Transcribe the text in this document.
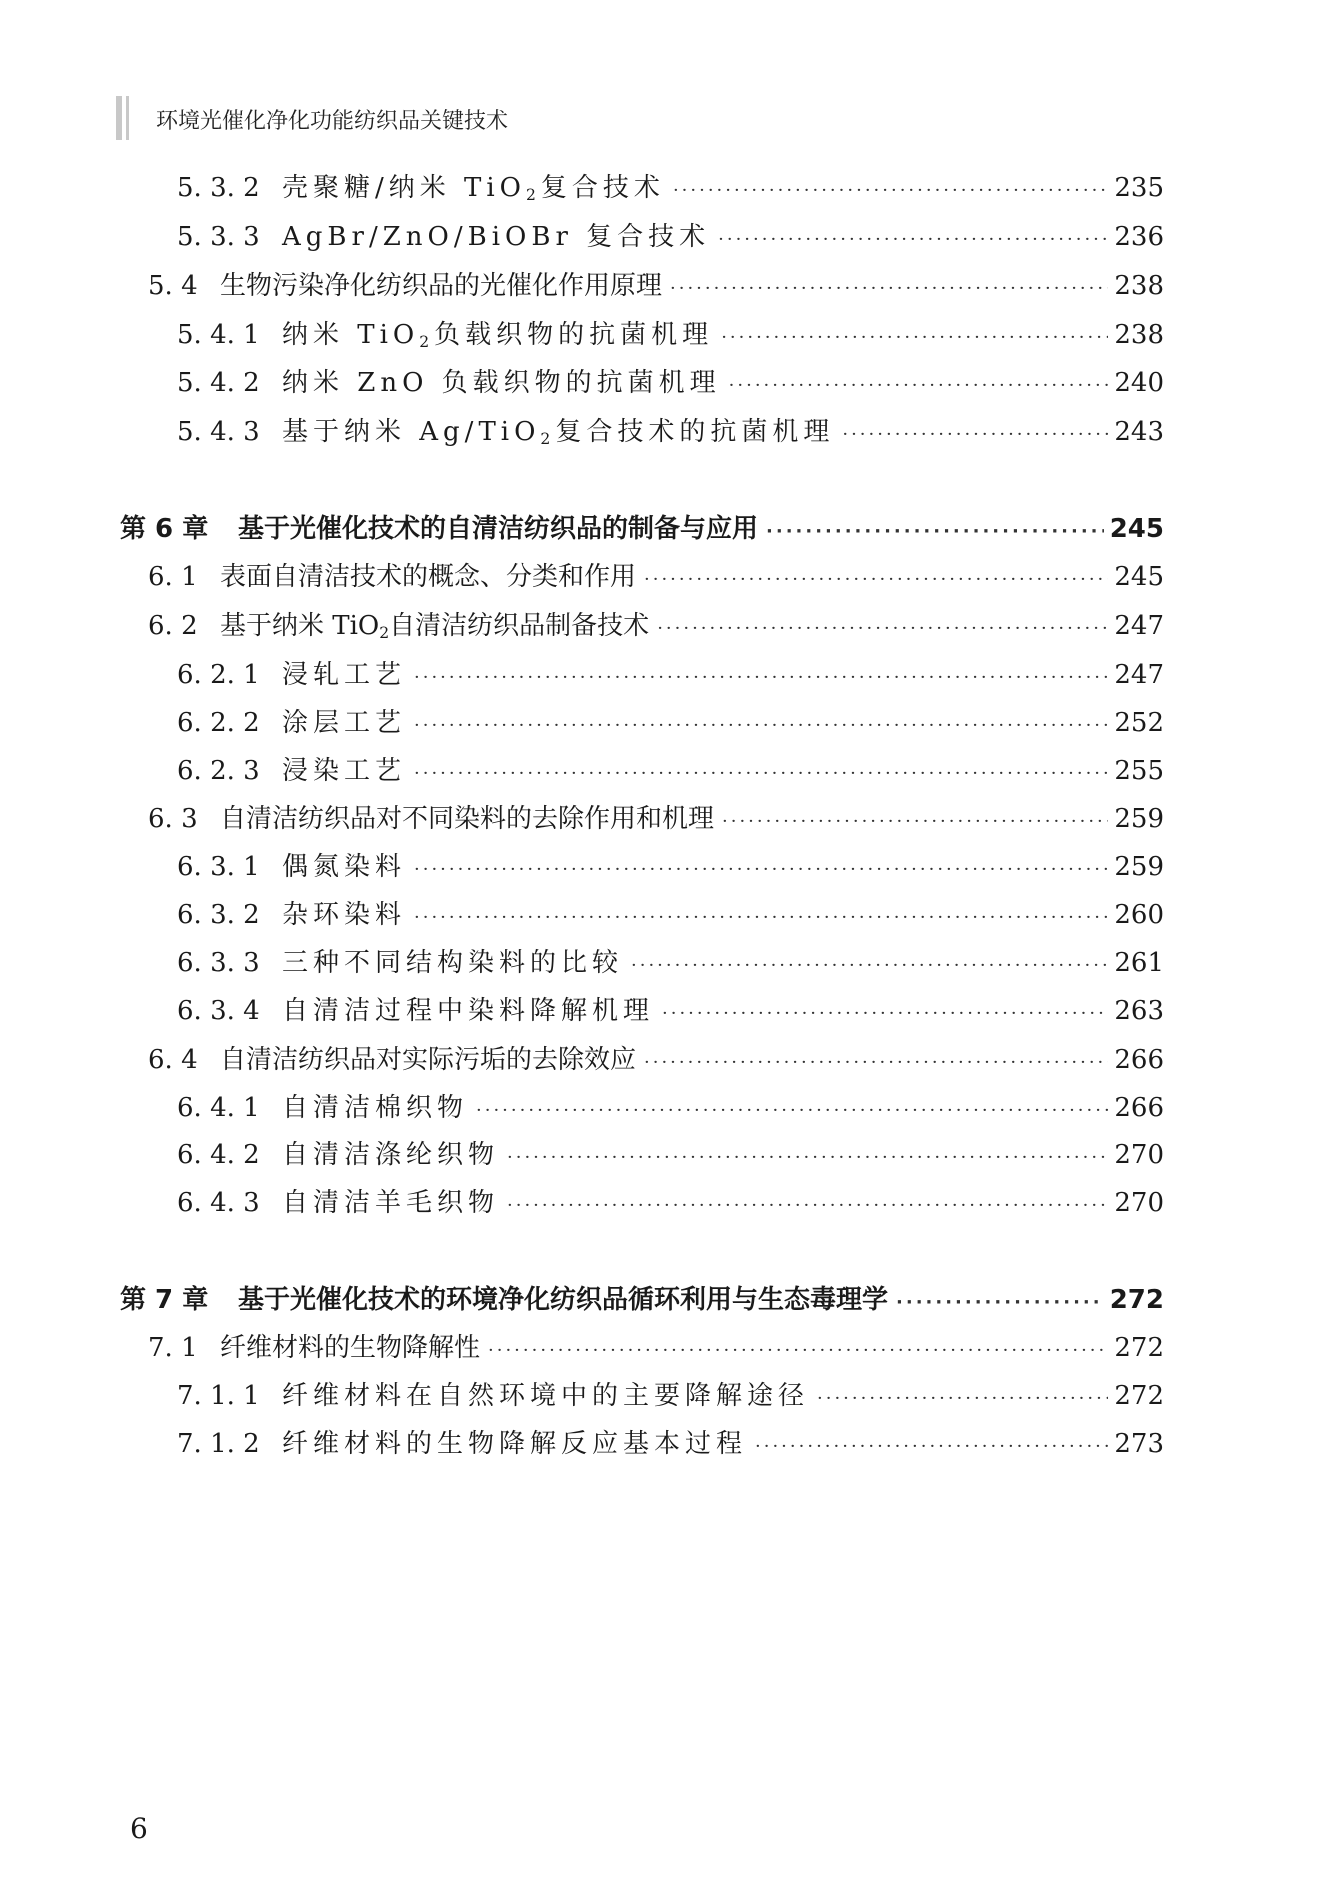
环境光催化净化功能纺织品关键技术
5. 3. 2 壳聚糖/纳米 TiO$_2$复合技术 ·····	235
5. 3. 3 AgBr/ZnO/BiOBr 复合技术 ·····	236
5. 4 生物污染净化纺织品的光催化作用原理 ·····	238
5. 4. 1 纳米 TiO$_2$负载织物的抗菌机理 ·····	238
5. 4. 2 纳米 ZnO 负载织物的抗菌机理 ·····	240
5. 4. 3 基于纳米 Ag/TiO$_2$复合技术的抗菌机理 ·····	243
第 6 章	基于光催化技术的自清洁纺织品的制备与应用 ·····	245
6. 1 表面自清洁技术的概念、分类和作用 ·····	245
6. 2 基于纳米 TiO$_2$自清洁纺织品制备技术 ·····	247
6. 2. 1 浸轧工艺 ·····	247
6. 2. 2 涂层工艺 ·····	252
6. 2. 3 浸染工艺 ·····	255
6. 3 自清洁纺织品对不同染料的去除作用和机理 ·····	259
6. 3. 1 偶氮染料 ·····	259
6. 3. 2 杂环染料 ·····	260
6. 3. 3 三种不同结构染料的比较 ·····	261
6. 3. 4 自清洁过程中染料降解机理 ·····	263
6. 4 自清洁纺织品对实际污垢的去除效应 ·····	266
6. 4. 1 自清洁棉织物 ·····	266
6. 4. 2 自清洁涤纶织物 ·····	270
6. 4. 3 自清洁羊毛织物 ·····	270
第 7 章	基于光催化技术的环境净化纺织品循环利用与生态毒理学 ·····	272
7. 1 纤维材料的生物降解性 ·····	272
7. 1. 1 纤维材料在自然环境中的主要降解途径 ·····	272
7. 1. 2 纤维材料的生物降解反应基本过程 ·····	273
6
